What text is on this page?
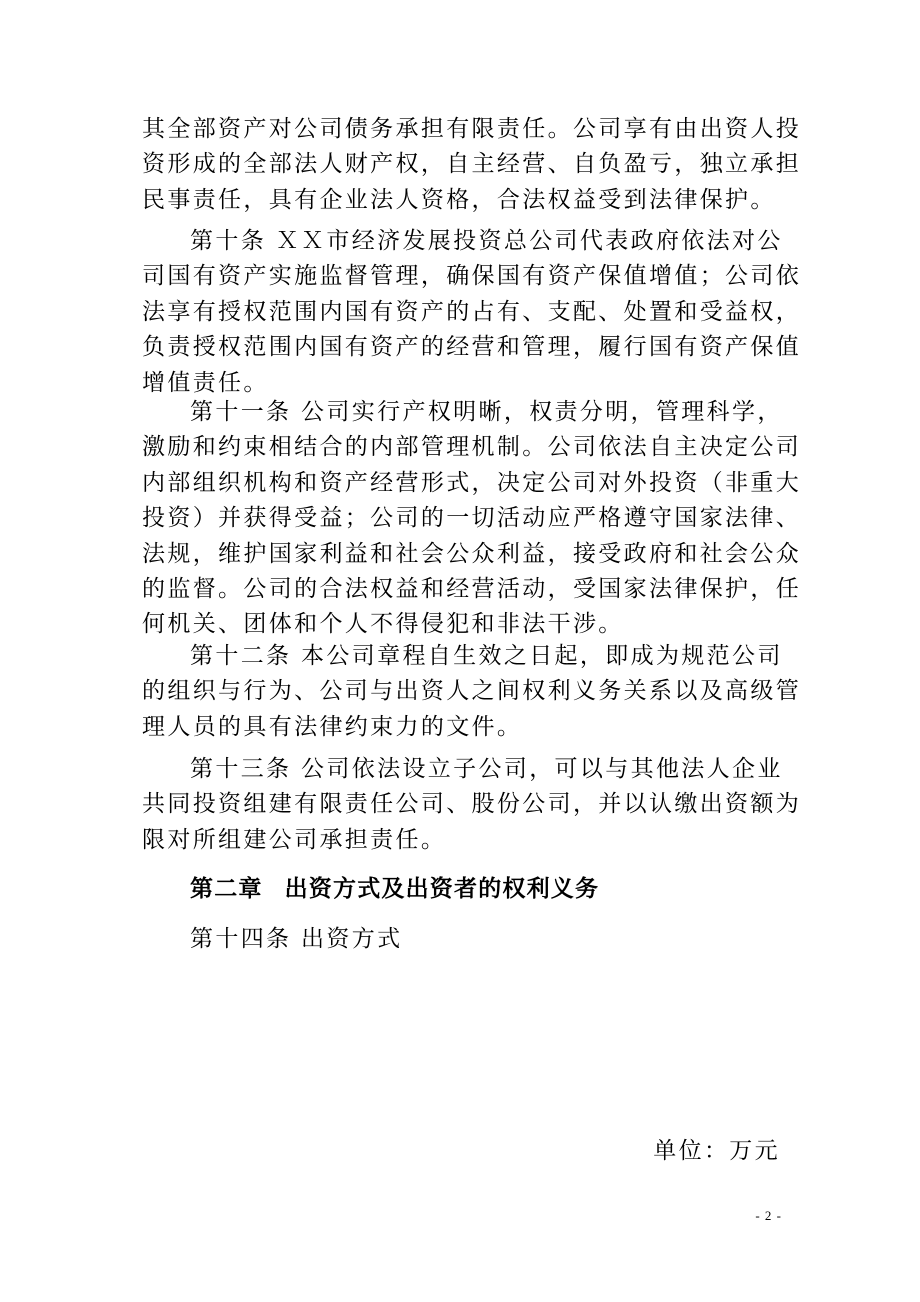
其全部资产对公司债务承担有限责任。公司享有由出资人投
资形成的全部法人财产权，自主经营、自负盈亏，独立承担
民事责任，具有企业法人资格，合法权益受到法律保护。
第十条 ＸＸ市经济发展投资总公司代表政府依法对公
司国有资产实施监督管理，确保国有资产保值增值；公司依
法享有授权范围内国有资产的占有、支配、处置和受益权，
负责授权范围内国有资产的经营和管理，履行国有资产保值
增值责任。
第十一条 公司实行产权明晰，权责分明，管理科学，
激励和约束相结合的内部管理机制。公司依法自主决定公司
内部组织机构和资产经营形式，决定公司对外投资（非重大
投资）并获得受益；公司的一切活动应严格遵守国家法律、
法规，维护国家利益和社会公众利益，接受政府和社会公众
的监督。公司的合法权益和经营活动，受国家法律保护，任
何机关、团体和个人不得侵犯和非法干涉。
第十二条 本公司章程自生效之日起，即成为规范公司
的组织与行为、公司与出资人之间权利义务关系以及高级管
理人员的具有法律约束力的文件。
第十三条 公司依法设立子公司，可以与其他法人企业
共同投资组建有限责任公司、股份公司，并以认缴出资额为
限对所组建公司承担责任。
第二章 出资方式及出资者的权利义务
第十四条 出资方式
单位：万元
- 2 -
